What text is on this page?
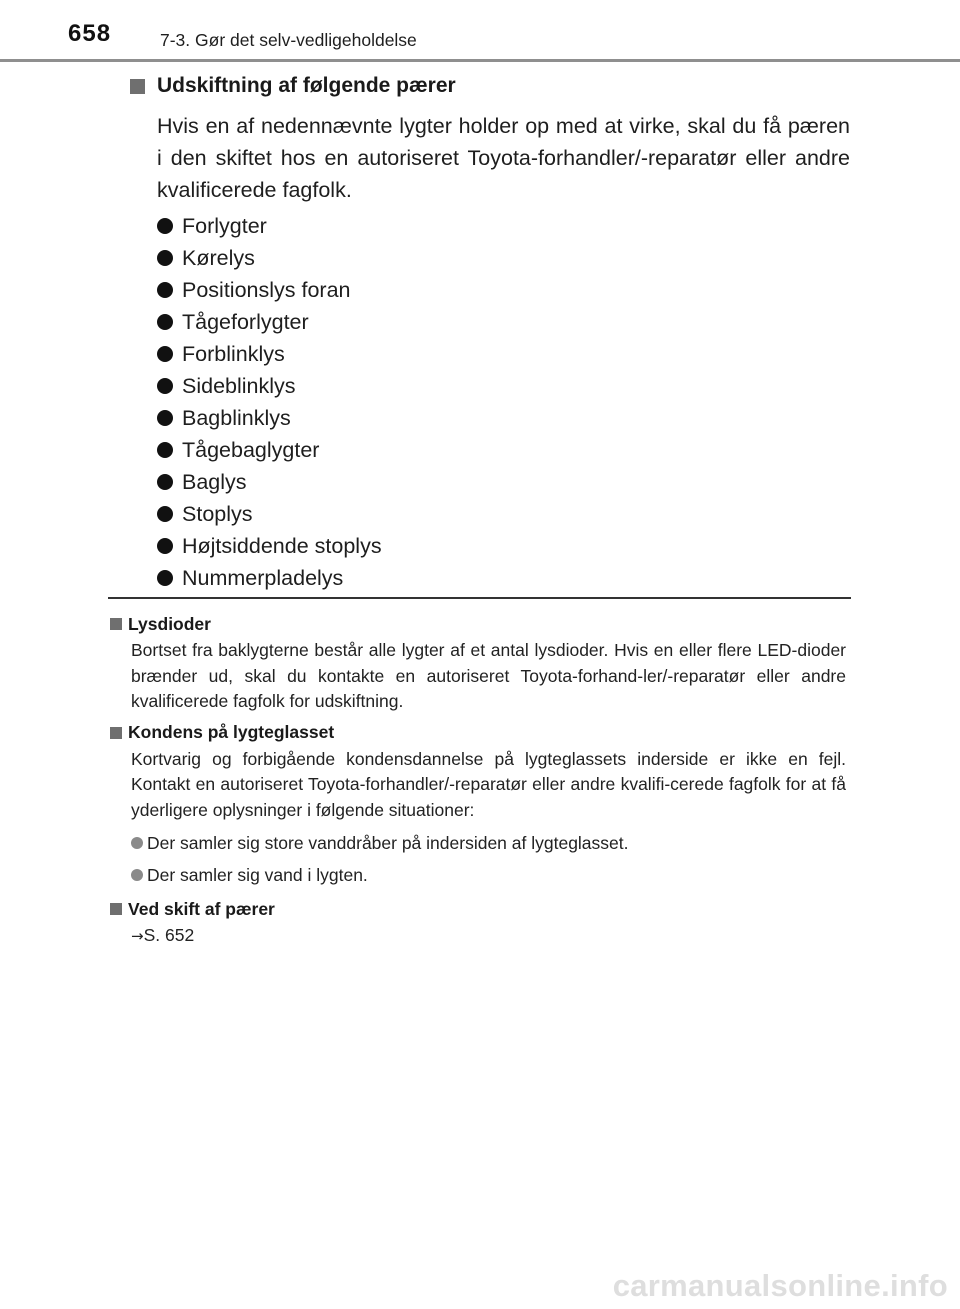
658	7-3. Gør det selv-vedligeholdelse
Udskiftning af følgende pærer
Hvis en af nedennævnte lygter holder op med at virke, skal du få pæren i den skiftet hos en autoriseret Toyota-forhandler/-reparatør eller andre kvalificerede fagfolk.
Forlygter
Kørelys
Positionslys foran
Tågeforlygter
Forblinklys
Sideblinklys
Bagblinklys
Tågebaglygter
Baglys
Stoplys
Højtsiddende stoplys
Nummerpladelys
Lysdioder
Bortset fra baklygterne består alle lygter af et antal lysdioder. Hvis en eller flere LED-dioder brænder ud, skal du kontakte en autoriseret Toyota-forhand-ler/-reparatør eller andre kvalificerede fagfolk for udskiftning.
Kondens på lygteglasset
Kortvarig og forbigående kondensdannelse på lygteglassets inderside er ikke en fejl. Kontakt en autoriseret Toyota-forhandler/-reparatør eller andre kvalifi-cerede fagfolk for at få yderligere oplysninger i følgende situationer:
Der samler sig store vanddråber på indersiden af lygteglasset.
Der samler sig vand i lygten.
Ved skift af pærer
→S. 652
carmanualsonline.info
